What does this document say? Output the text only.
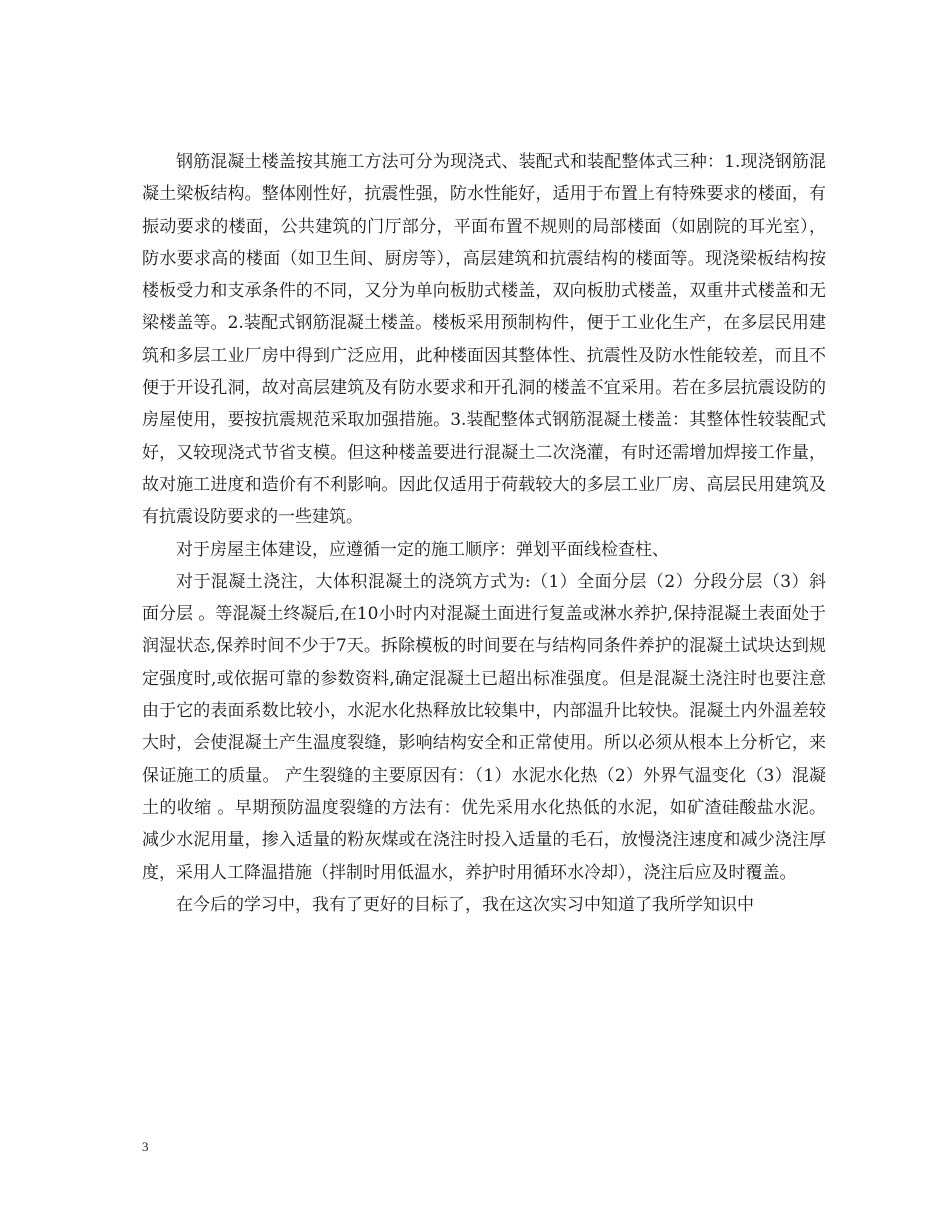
钢筋混凝土楼盖按其施工方法可分为现浇式、装配式和装配整体式三种：1.现浇钢筋混凝土梁板结构。整体刚性好，抗震性强，防水性能好，适用于布置上有特殊要求的楼面，有振动要求的楼面，公共建筑的门厅部分，平面布置不规则的局部楼面（如剧院的耳光室），防水要求高的楼面（如卫生间、厨房等），高层建筑和抗震结构的楼面等。现浇梁板结构按楼板受力和支承条件的不同，又分为单向板肋式楼盖，双向板肋式楼盖，双重井式楼盖和无梁楼盖等。2.装配式钢筋混凝土楼盖。楼板采用预制构件，便于工业化生产，在多层民用建筑和多层工业厂房中得到广泛应用，此种楼面因其整体性、抗震性及防水性能较差，而且不便于开设孔洞，故对高层建筑及有防水要求和开孔洞的楼盖不宜采用。若在多层抗震设防的房屋使用，要按抗震规范采取加强措施。3.装配整体式钢筋混凝土楼盖：其整体性较装配式好，又较现浇式节省支模。但这种楼盖要进行混凝土二次浇灌，有时还需增加焊接工作量，故对施工进度和造价有不利影响。因此仅适用于荷载较大的多层工业厂房、高层民用建筑及有抗震设防要求的一些建筑。

对于房屋主体建设，应遵循一定的施工顺序：弹划平面线检查柱、

对于混凝土浇注，大体积混凝土的浇筑方式为:（1）全面分层（2）分段分层（3）斜面分层 。等混凝土终凝后,在10小时内对混凝土面进行复盖或淋水养护,保持混凝土表面处于润湿状态,保养时间不少于7天。拆除模板的时间要在与结构同条件养护的混凝土试块达到规定强度时,或依据可靠的参数资料,确定混凝土已超出标准强度。但是混凝土浇注时也要注意由于它的表面系数比较小，水泥水化热释放比较集中，内部温升比较快。混凝土内外温差较大时，会使混凝土产生温度裂缝，影响结构安全和正常使用。所以必须从根本上分析它，来保证施工的质量。 产生裂缝的主要原因有：（1）水泥水化热（2）外界气温变化（3）混凝土的收缩 。早期预防温度裂缝的方法有：优先采用水化热低的水泥，如矿渣硅酸盐水泥。减少水泥用量，掺入适量的粉灰煤或在浇注时投入适量的毛石，放慢浇注速度和减少浇注厚度，采用人工降温措施（拌制时用低温水，养护时用循环水冷却），浇注后应及时覆盖。

在今后的学习中，我有了更好的目标了，我在这次实习中知道了我所学知识中

3
